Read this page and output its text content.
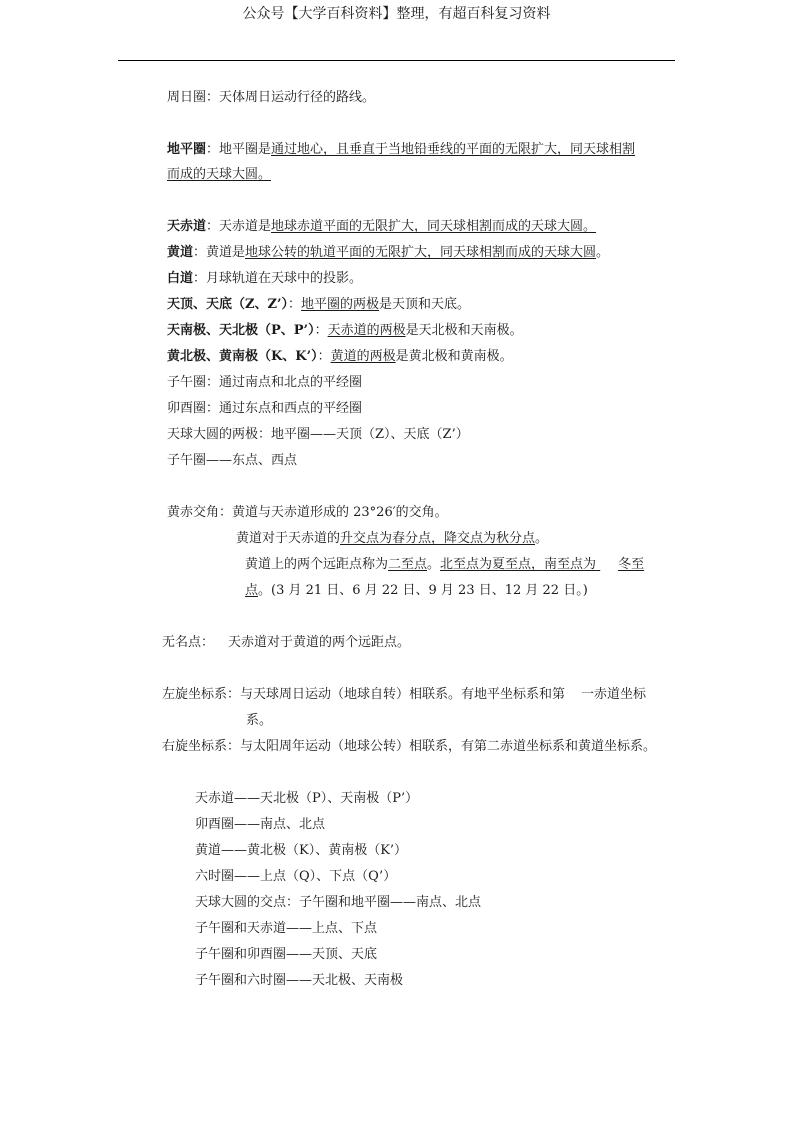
公众号【大学百科资料】整理，有超百科复习资料
周日圈：天体周日运动行径的路线。
地平圈：地平圈是通过地心，且垂直于当地铅垂线的平面的无限扩大，同天球相割
而成的天球大圆。
天赤道：天赤道是地球赤道平面的无限扩大，同天球相割而成的天球大圆。
黄道：黄道是地球公转的轨道平面的无限扩大，同天球相割而成的天球大圆。
白道：月球轨道在天球中的投影。
天顶、天底（Z、Z’）：地平圈的两极是天顶和天底。
天南极、天北极（P、P’）：天赤道的两极是天北极和天南极。
黄北极、黄南极（K、K’）：黄道的两极是黄北极和黄南极。
子午圈：通过南点和北点的平经圈
卯酉圈：通过东点和西点的平经圈
天球大圆的两极：地平圈——天顶（Z）、天底（Z’）
子午圈——东点、西点
黄赤交角：黄道与天赤道形成的 23°26′的交角。
黄道对于天赤道的升交点为春分点，降交点为秋分点。
黄道上的两个远距点称为二至点。北至点为夏至点，南至点为 冬至
点。(3 月 21 日、6 月 22 日、9 月 23 日、12 月 22 日。)
无名点： 天赤道对于黄道的两个远距点。
左旋坐标系：与天球周日运动（地球自转）相联系。有地平坐标系和第 一赤道坐标
系。
右旋坐标系：与太阳周年运动（地球公转）相联系，有第二赤道坐标系和黄道坐标系。
天赤道——天北极（P）、天南极（P’）
卯酉圈——南点、北点
黄道——黄北极（K）、黄南极（K’）
六时圈——上点（Q）、下点（Q’）
天球大圆的交点：子午圈和地平圈——南点、北点
子午圈和天赤道——上点、下点
子午圈和卯酉圈——天顶、天底
子午圈和六时圈——天北极、天南极
